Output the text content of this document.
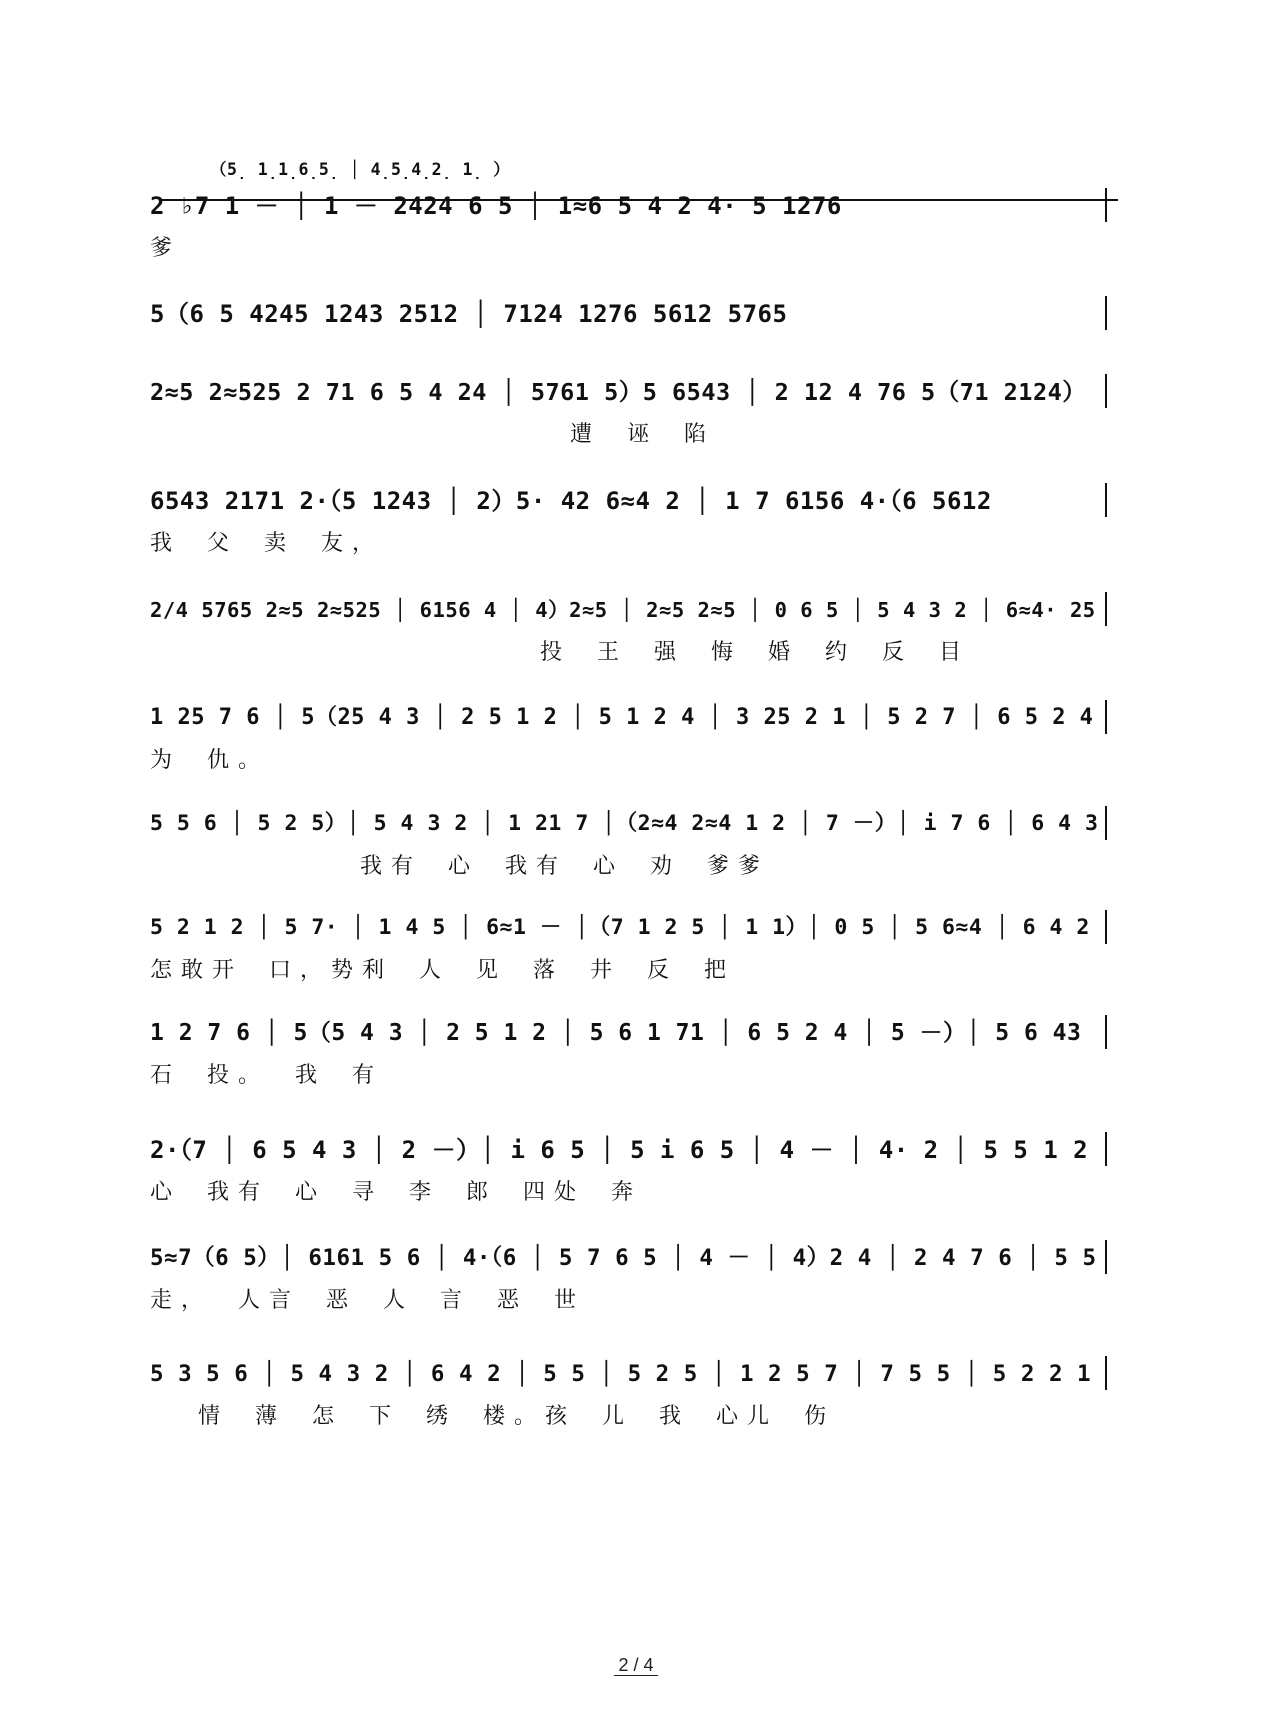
（5̣ 1̣1̣6̣5̣ │ 4̣5̣4̣2̣ 1̣ ）
2 ♭7 1 － │ 1 － 2424 6 5 │ 1≈6 5 4 2 4· 5 1276
爹
5（6 5 4245 1243 2512 │ 7124 1276 5612 5765
2≈5 2≈525 2 71 6 5 4 24 │ 5761 5）5 6543 │ 2 12 4 76 5（71 2124）
遭 诬 陷
6543 2171 2·（5 1243 │ 2）5· 42 6≈4 2 │ 1 7 6156 4·（6 5612
我 父 卖 友，
2/4 5765 2≈5 2≈525 │ 6156 4 │ 4）2≈5 │ 2≈5 2≈5 │ 0 6 5 │ 5 4 3 2 │ 6≈4· 25
投 王 强 悔 婚 约 反 目
1 25 7 6 │ 5（25 4 3 │ 2 5 1 2 │ 5 1 2 4 │ 3 25 2 1 │ 5 2 7 │ 6 5 2 4
为 仇。
5 5 6 │ 5 2 5）│ 5 4 3 2 │ 1 21 7 │（2≈4 2≈4 1 2 │ 7 －）│ i 7 6 │ 6 4 3
我有 心 我有 心 劝 爹爹
5 2 1 2 │ 5 7· │ 1 4 5 │ 6≈1 － │（7 1 2 5 │ 1 1）│ 0 5 │ 5 6≈4 │ 6 4 2
怎敢开 口，势利 人 见 落 井 反 把
1 2 7 6 │ 5（5 4 3 │ 2 5 1 2 │ 5 6 1 71 │ 6 5 2 4 │ 5 －）│ 5 6 43
石 投。 我 有
2·（7 │ 6 5 4 3 │ 2 －）│ i 6 5 │ 5 i 6 5 │ 4 － │ 4· 2 │ 5 5 1 2
心 我有 心 寻 李 郎 四处 奔
5≈7（6 5）│ 6161 5 6 │ 4·（6 │ 5 7 6 5 │ 4 － │ 4）2 4 │ 2 4 7 6 │ 5 5
走， 人言 恶 人 言 恶 世
5 3 5 6 │ 5 4 3 2 │ 6 4 2 │ 5 5 │ 5 2 5 │ 1 2 5 7 │ 7 5 5 │ 5 2 2 1
情 薄 怎 下 绣 楼。孩 儿 我 心儿 伤
2 / 4
